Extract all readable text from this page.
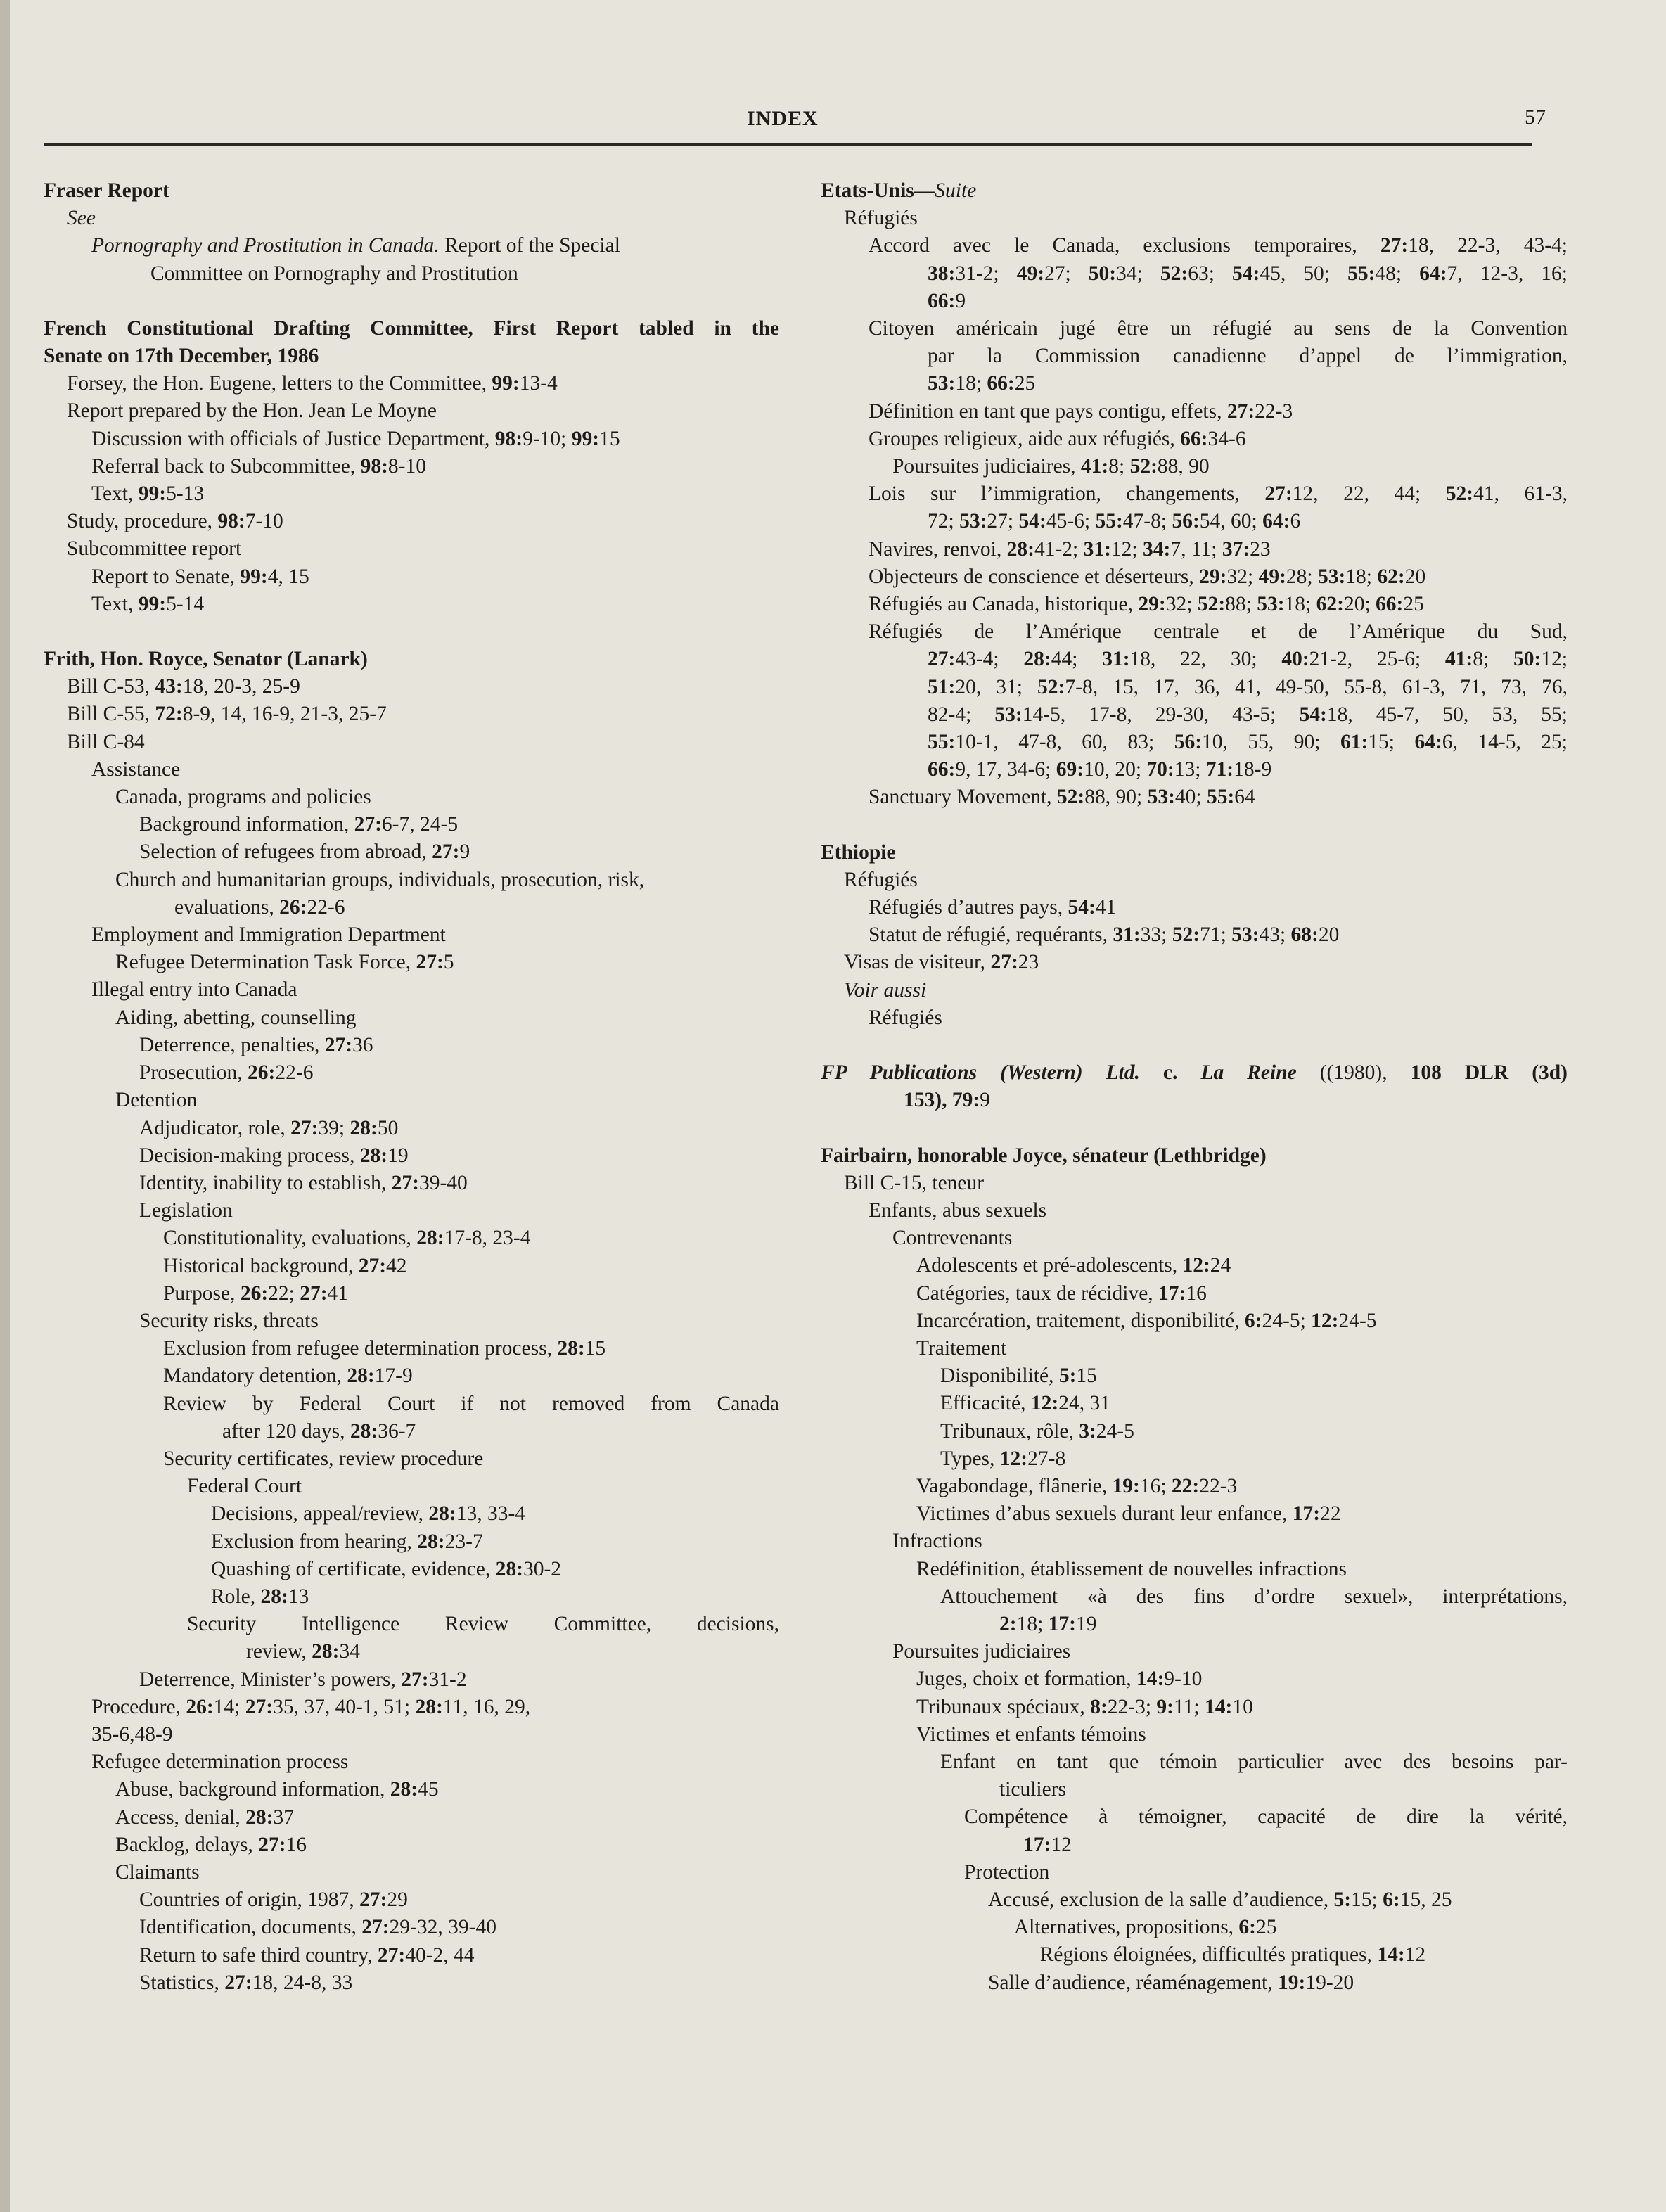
INDEX	57
Fraser Report
See
Pornography and Prostitution in Canada. Report of the Special
Committee on Pornography and Prostitution
French Constitutional Drafting Committee, First Report tabled in the
Senate on 17th December, 1986
Forsey, the Hon. Eugene, letters to the Committee, 99:13-4
Report prepared by the Hon. Jean Le Moyne
Discussion with officials of Justice Department, 98:9-10; 99:15
Referral back to Subcommittee, 98:8-10
Text, 99:5-13
Study, procedure, 98:7-10
Subcommittee report
Report to Senate, 99:4, 15
Text, 99:5-14
Frith, Hon. Royce, Senator (Lanark)
Bill C-53, 43:18, 20-3, 25-9
Bill C-55, 72:8-9, 14, 16-9, 21-3, 25-7
Bill C-84
Assistance
Canada, programs and policies
Background information, 27:6-7, 24-5
Selection of refugees from abroad, 27:9
Church and humanitarian groups, individuals, prosecution, risk,
evaluations, 26:22-6
Employment and Immigration Department
Refugee Determination Task Force, 27:5
Illegal entry into Canada
Aiding, abetting, counselling
Deterrence, penalties, 27:36
Prosecution, 26:22-6
Detention
Adjudicator, role, 27:39; 28:50
Decision-making process, 28:19
Identity, inability to establish, 27:39-40
Legislation
Constitutionality, evaluations, 28:17-8, 23-4
Historical background, 27:42
Purpose, 26:22; 27:41
Security risks, threats
Exclusion from refugee determination process, 28:15
Mandatory detention, 28:17-9
Review by Federal Court if not removed from Canada
after 120 days, 28:36-7
Security certificates, review procedure
Federal Court
Decisions, appeal/review, 28:13, 33-4
Exclusion from hearing, 28:23-7
Quashing of certificate, evidence, 28:30-2
Role, 28:13
Security Intelligence Review Committee, decisions,
review, 28:34
Deterrence, Minister’s powers, 27:31-2
Procedure, 26:14; 27:35, 37, 40-1, 51; 28:11, 16, 29,
35-6,48-9
Refugee determination process
Abuse, background information, 28:45
Access, denial, 28:37
Backlog, delays, 27:16
Claimants
Countries of origin, 1987, 27:29
Identification, documents, 27:29-32, 39-40
Return to safe third country, 27:40-2, 44
Statistics, 27:18, 24-8, 33
Etats-Unis—Suite
Réfugiés
Accord avec le Canada, exclusions temporaires, 27:18, 22-3, 43-4;
38:31-2; 49:27; 50:34; 52:63; 54:45, 50; 55:48; 64:7, 12-3, 16;
66:9
Citoyen américain jugé être un réfugié au sens de la Convention
par la Commission canadienne d’appel de l’immigration,
53:18; 66:25
Définition en tant que pays contigu, effets, 27:22-3
Groupes religieux, aide aux réfugiés, 66:34-6
Poursuites judiciaires, 41:8; 52:88, 90
Lois sur l’immigration, changements, 27:12, 22, 44; 52:41, 61-3,
72; 53:27; 54:45-6; 55:47-8; 56:54, 60; 64:6
Navires, renvoi, 28:41-2; 31:12; 34:7, 11; 37:23
Objecteurs de conscience et déserteurs, 29:32; 49:28; 53:18; 62:20
Réfugiés au Canada, historique, 29:32; 52:88; 53:18; 62:20; 66:25
Réfugiés de l’Amérique centrale et de l’Amérique du Sud,
27:43-4; 28:44; 31:18, 22, 30; 40:21-2, 25-6; 41:8; 50:12;
51:20, 31; 52:7-8, 15, 17, 36, 41, 49-50, 55-8, 61-3, 71, 73, 76,
82-4; 53:14-5, 17-8, 29-30, 43-5; 54:18, 45-7, 50, 53, 55;
55:10-1, 47-8, 60, 83; 56:10, 55, 90; 61:15; 64:6, 14-5, 25;
66:9, 17, 34-6; 69:10, 20; 70:13; 71:18-9
Sanctuary Movement, 52:88, 90; 53:40; 55:64
Ethiopie
Réfugiés
Réfugiés d’autres pays, 54:41
Statut de réfugié, requérants, 31:33; 52:71; 53:43; 68:20
Visas de visiteur, 27:23
Voir aussi
Réfugiés
FP Publications (Western) Ltd. c. La Reine ((1980), 108 DLR (3d)
153), 79:9
Fairbairn, honorable Joyce, sénateur (Lethbridge)
Bill C-15, teneur
Enfants, abus sexuels
Contrevenants
Adolescents et pré-adolescents, 12:24
Catégories, taux de récidive, 17:16
Incarcération, traitement, disponibilité, 6:24-5; 12:24-5
Traitement
Disponibilité, 5:15
Efficacité, 12:24, 31
Tribunaux, rôle, 3:24-5
Types, 12:27-8
Vagabondage, flânerie, 19:16; 22:22-3
Victimes d’abus sexuels durant leur enfance, 17:22
Infractions
Redéfinition, établissement de nouvelles infractions
Attouchement «à des fins d’ordre sexuel», interprétations,
2:18; 17:19
Poursuites judiciaires
Juges, choix et formation, 14:9-10
Tribunaux spéciaux, 8:22-3; 9:11; 14:10
Victimes et enfants témoins
Enfant en tant que témoin particulier avec des besoins par-
ticuliers
Compétence à témoigner, capacité de dire la vérité,
17:12
Protection
Accusé, exclusion de la salle d’audience, 5:15; 6:15, 25
Alternatives, propositions, 6:25
Régions éloignées, difficultés pratiques, 14:12
Salle d’audience, réaménagement, 19:19-20
